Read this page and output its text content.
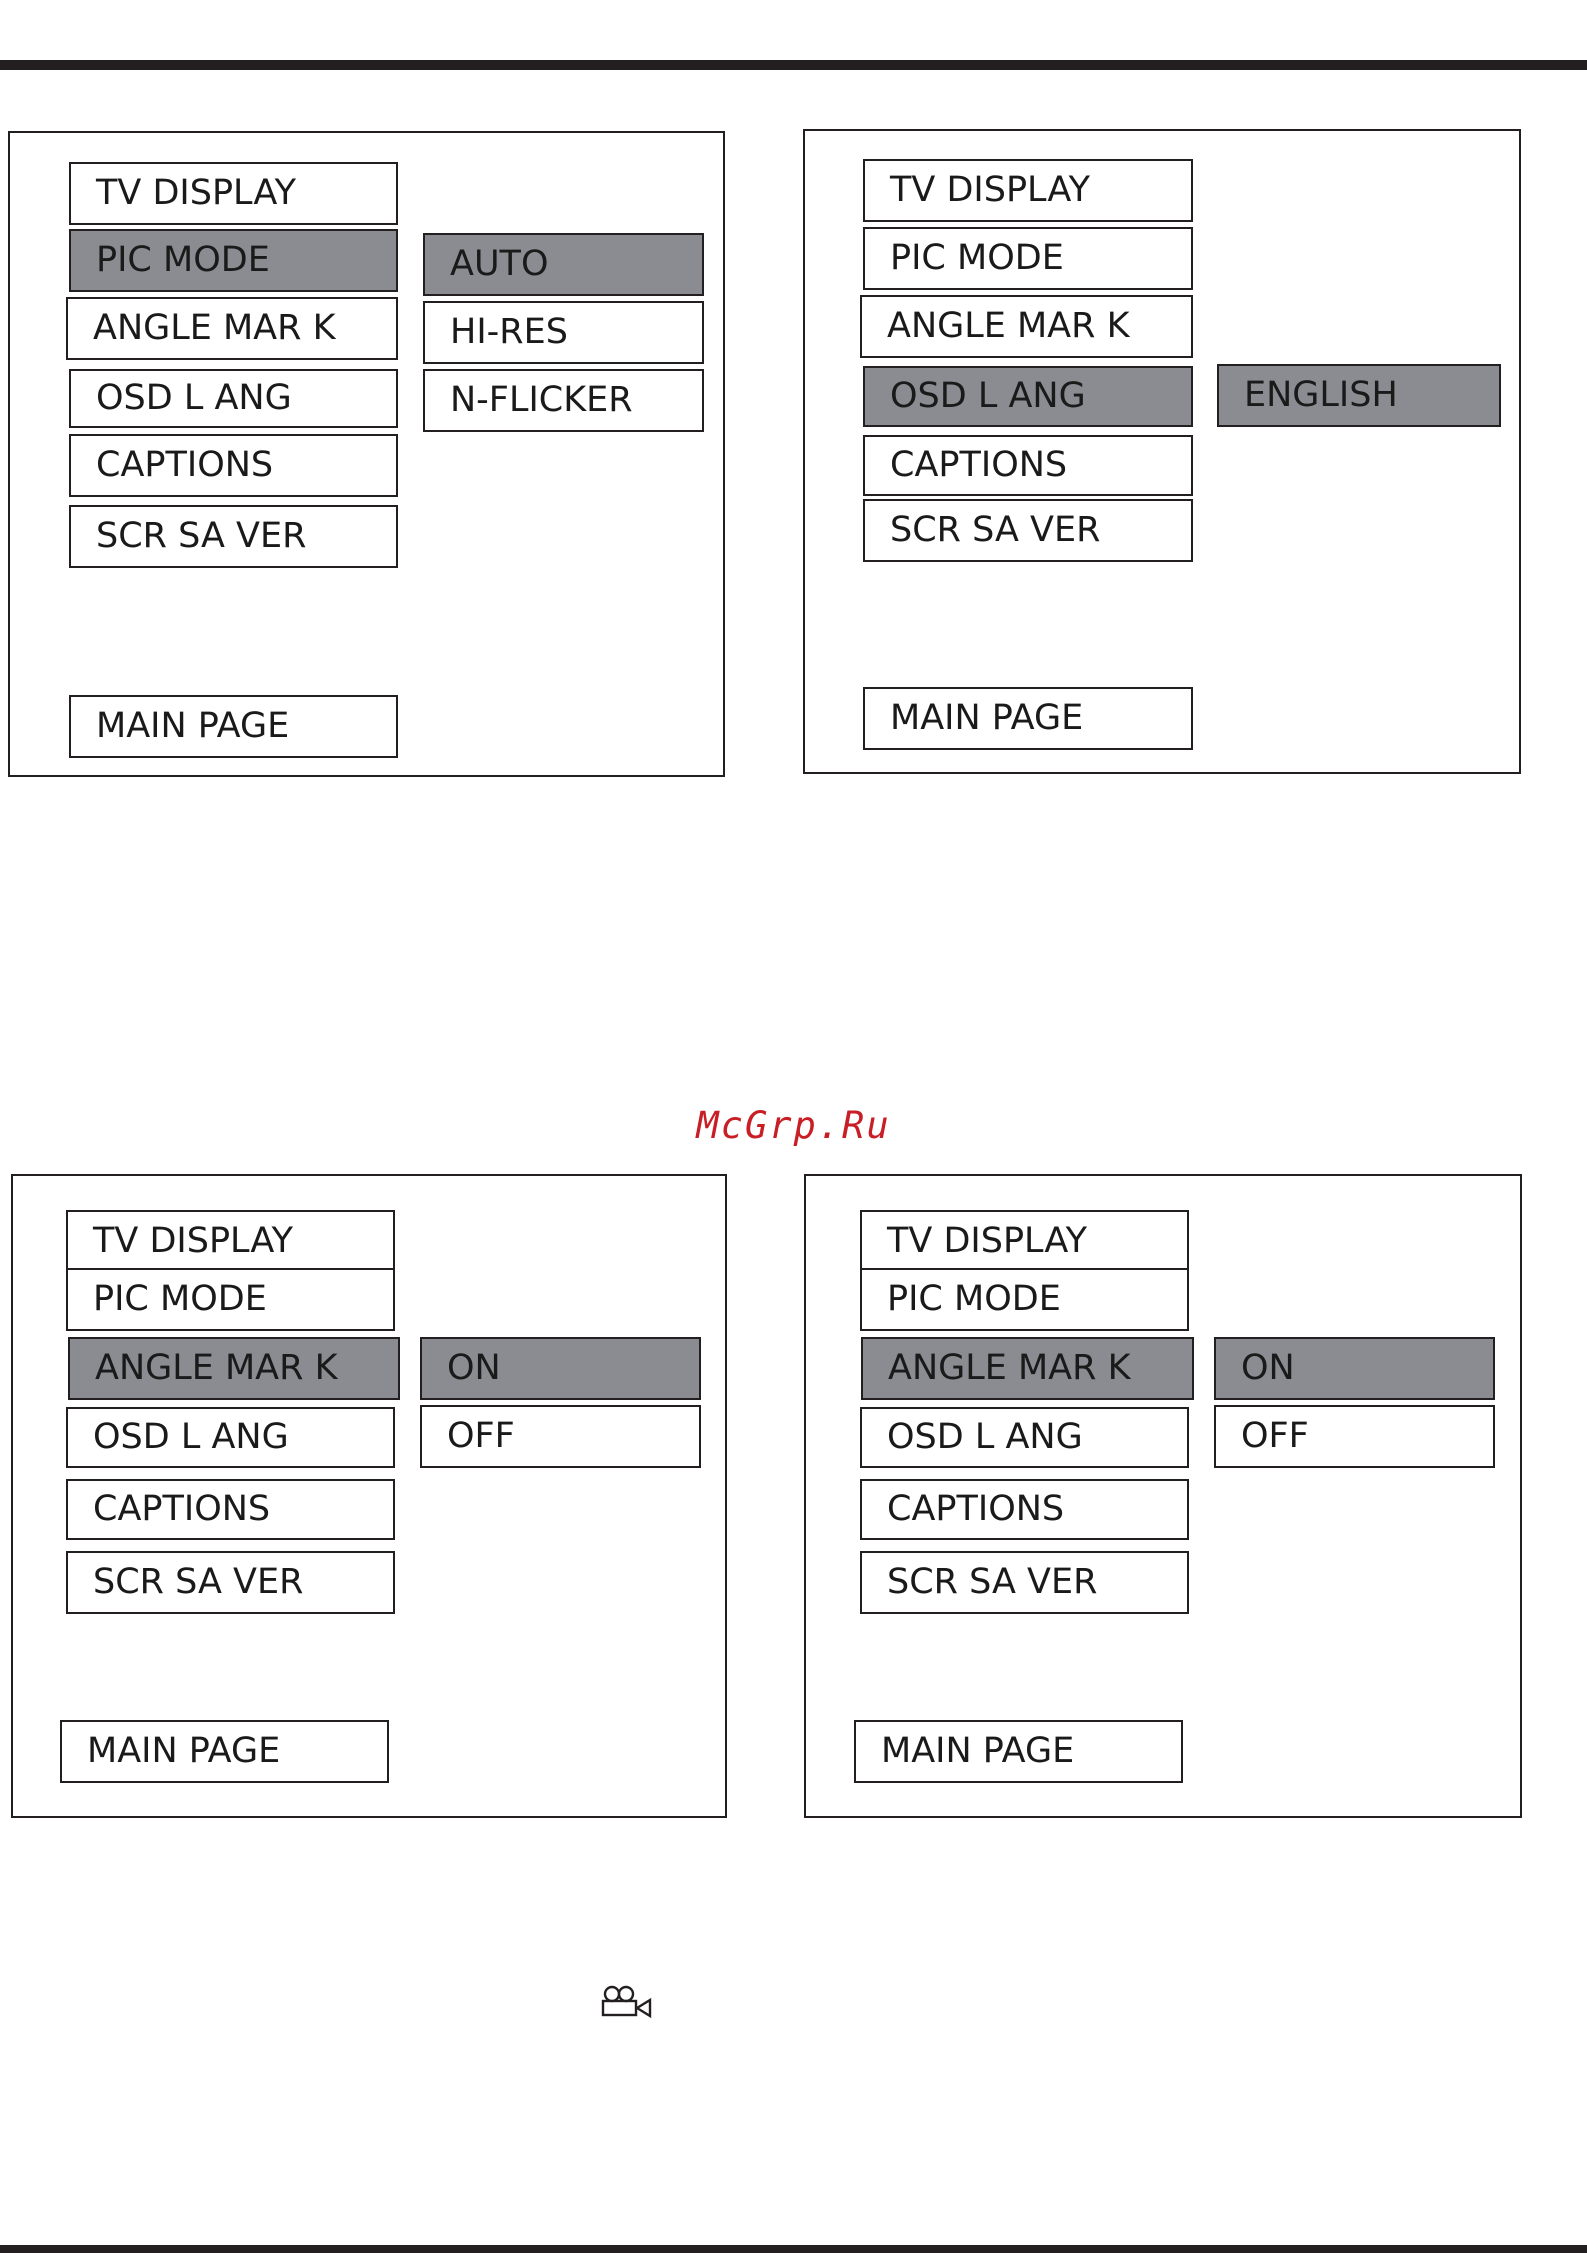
TV DISPLAY
PIC MODE
ANGLE MAR K
OSD L ANG
CAPTIONS
SCR SA VER
AUTO
HI-RES
N-FLICKER
MAIN PAGE
TV DISPLAY
PIC MODE
ANGLE MAR K
OSD L ANG
CAPTIONS
SCR SA VER
ENGLISH
MAIN PAGE
McGrp.Ru
TV DISPLAY
PIC MODE
ANGLE MAR K
OSD L ANG
CAPTIONS
SCR SA VER
ON
OFF
MAIN PAGE
TV DISPLAY
PIC MODE
ANGLE MAR K
OSD L ANG
CAPTIONS
SCR SA VER
ON
OFF
MAIN PAGE
